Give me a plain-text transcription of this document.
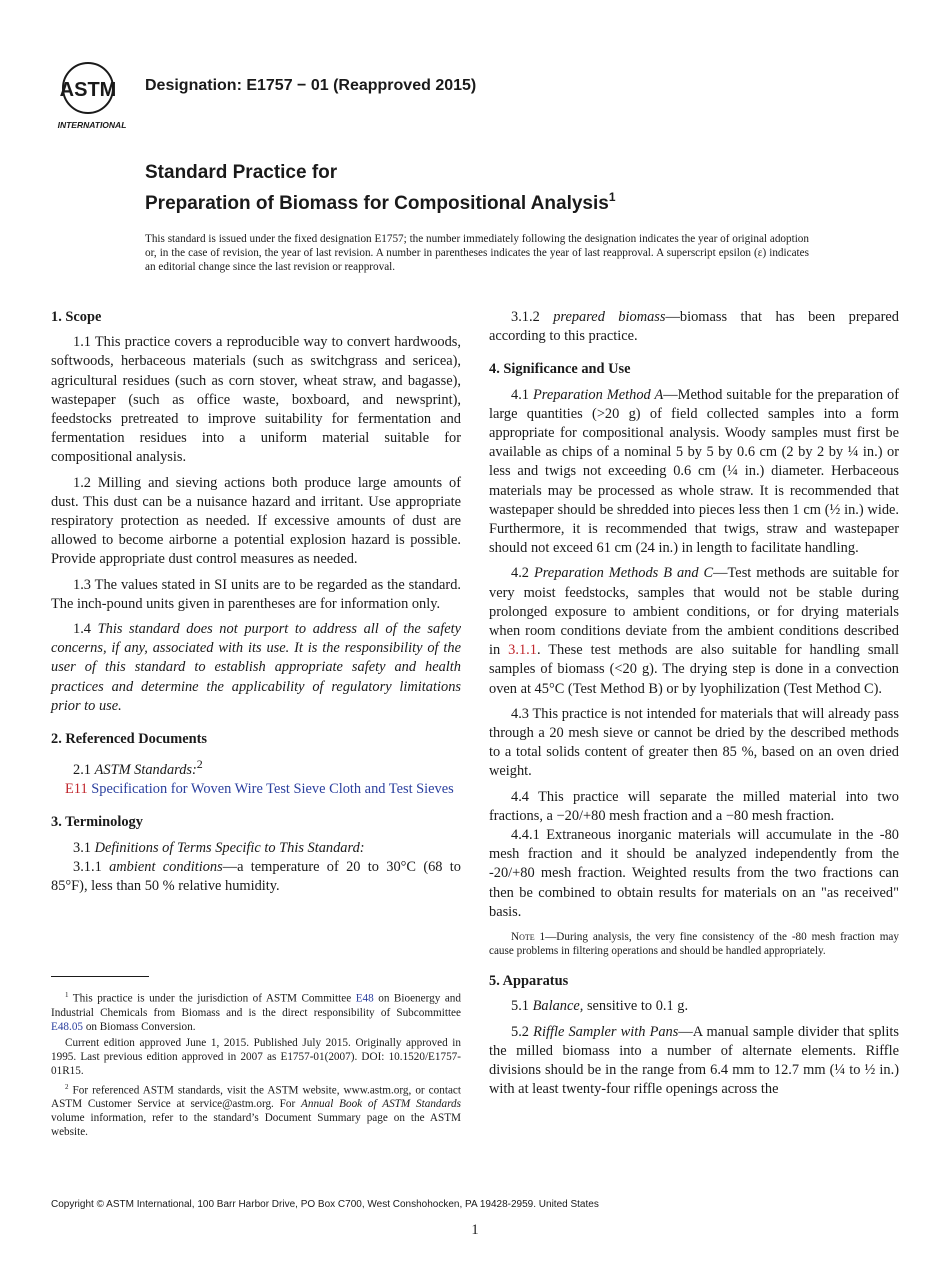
ASTM
INTERNATIONAL
Designation: E1757 − 01 (Reapproved 2015)
Standard Practice for
Preparation of Biomass for Compositional Analysis$^1$
This standard is issued under the fixed designation E1757; the number immediately following the designation indicates the year of original adoption or, in the case of revision, the year of last revision. A number in parentheses indicates the year of last reapproval. A superscript epsilon (ε) indicates an editorial change since the last revision or reapproval.
1. Scope

1.1 This practice covers a reproducible way to convert hardwoods, softwoods, herbaceous materials (such as switchgrass and sericea), agricultural residues (such as corn stover, wheat straw, and bagasse), wastepaper (such as office waste, boxboard, and newsprint), feedstocks pretreated to improve suitability for fermentation and fermentation residues into a uniform material suitable for compositional analysis.

1.2 Milling and sieving actions both produce large amounts of dust. This dust can be a nuisance hazard and irritant. Use appropriate respiratory protection as needed. If excessive amounts of dust are allowed to become airborne a potential explosion hazard is possible. Provide appropriate dust control measures as needed.

1.3 The values stated in SI units are to be regarded as the standard. The inch-pound units given in parentheses are for information only.

1.4 This standard does not purport to address all of the safety concerns, if any, associated with its use. It is the responsibility of the user of this standard to establish appropriate safety and health practices and determine the applicability of regulatory limitations prior to use.

2. Referenced Documents

2.1 ASTM Standards:$^2$

E11 Specification for Woven Wire Test Sieve Cloth and Test Sieves
3. Terminology

3.1 Definitions of Terms Specific to This Standard:

3.1.1 ambient conditions—a temperature of 20 to 30°C (68 to 85°F), less than 50 % relative humidity.

$^1$ This practice is under the jurisdiction of ASTM Committee E48 on Bioenergy and Industrial Chemicals from Biomass and is the direct responsibility of Subcommittee E48.05 on Biomass Conversion.

Current edition approved June 1, 2015. Published July 2015. Originally approved in 1995. Last previous edition approved in 2007 as E1757-01(2007). DOI: 10.1520/E1757-01R15.

$^2$ For referenced ASTM standards, visit the ASTM website, www.astm.org, or contact ASTM Customer Service at service@astm.org. For Annual Book of ASTM Standards volume information, refer to the standard’s Document Summary page on the ASTM website.

3.1.2 prepared biomass—biomass that has been prepared according to this practice.

4. Significance and Use

4.1 Preparation Method A—Method suitable for the preparation of large quantities (>20 g) of field collected samples into a form appropriate for compositional analysis. Woody samples must first be available as chips of a nominal 5 by 5 by 0.6 cm (2 by 2 by ¼ in.) or less and twigs not exceeding 0.6 cm (¼ in.) diameter. Herbaceous materials may be processed as whole straw. It is recommended that wastepaper should be shredded into pieces less then 1 cm (½ in.) wide. Furthermore, it is recommended that twigs, straw and wastepaper should not exceed 61 cm (24 in.) in length to facilitate handling.

4.2 Preparation Methods B and C—Test methods are suitable for very moist feedstocks, samples that would not be stable during prolonged exposure to ambient conditions, or for drying materials when room conditions deviate from the ambient conditions described in 3.1.1. These test methods are also suitable for handling small samples of biomass (<20 g). The drying step is done in a convection oven at 45°C (Test Method B) or by lyophilization (Test Method C).

4.3 This practice is not intended for materials that will already pass through a 20 mesh sieve or cannot be dried by the described methods to a total solids content of greater then 85 %, based on an oven dried weight.

4.4 This practice will separate the milled material into two fractions, a −20/+80 mesh fraction and a −80 mesh fraction.

4.4.1 Extraneous inorganic materials will accumulate in the -80 mesh fraction and it should be analyzed independently from the -20/+80 mesh fraction. Weighted results from the two fractions can then be combined to obtain results for materials on an "as received" basis.

Note 1—During analysis, the very fine consistency of the -80 mesh fraction may cause problems in filtering operations and should be handled appropriately.
5. Apparatus

5.1 Balance, sensitive to 0.1 g.

5.2 Riffle Sampler with Pans—A manual sample divider that splits the milled biomass into a number of alternate elements. Riffle divisions should be in the range from 6.4 mm to 12.7 mm (¼ to ½ in.) with at least twenty-four riffle openings across the

Copyright © ASTM International, 100 Barr Harbor Drive, PO Box C700, West Conshohocken, PA 19428-2959. United States
1
